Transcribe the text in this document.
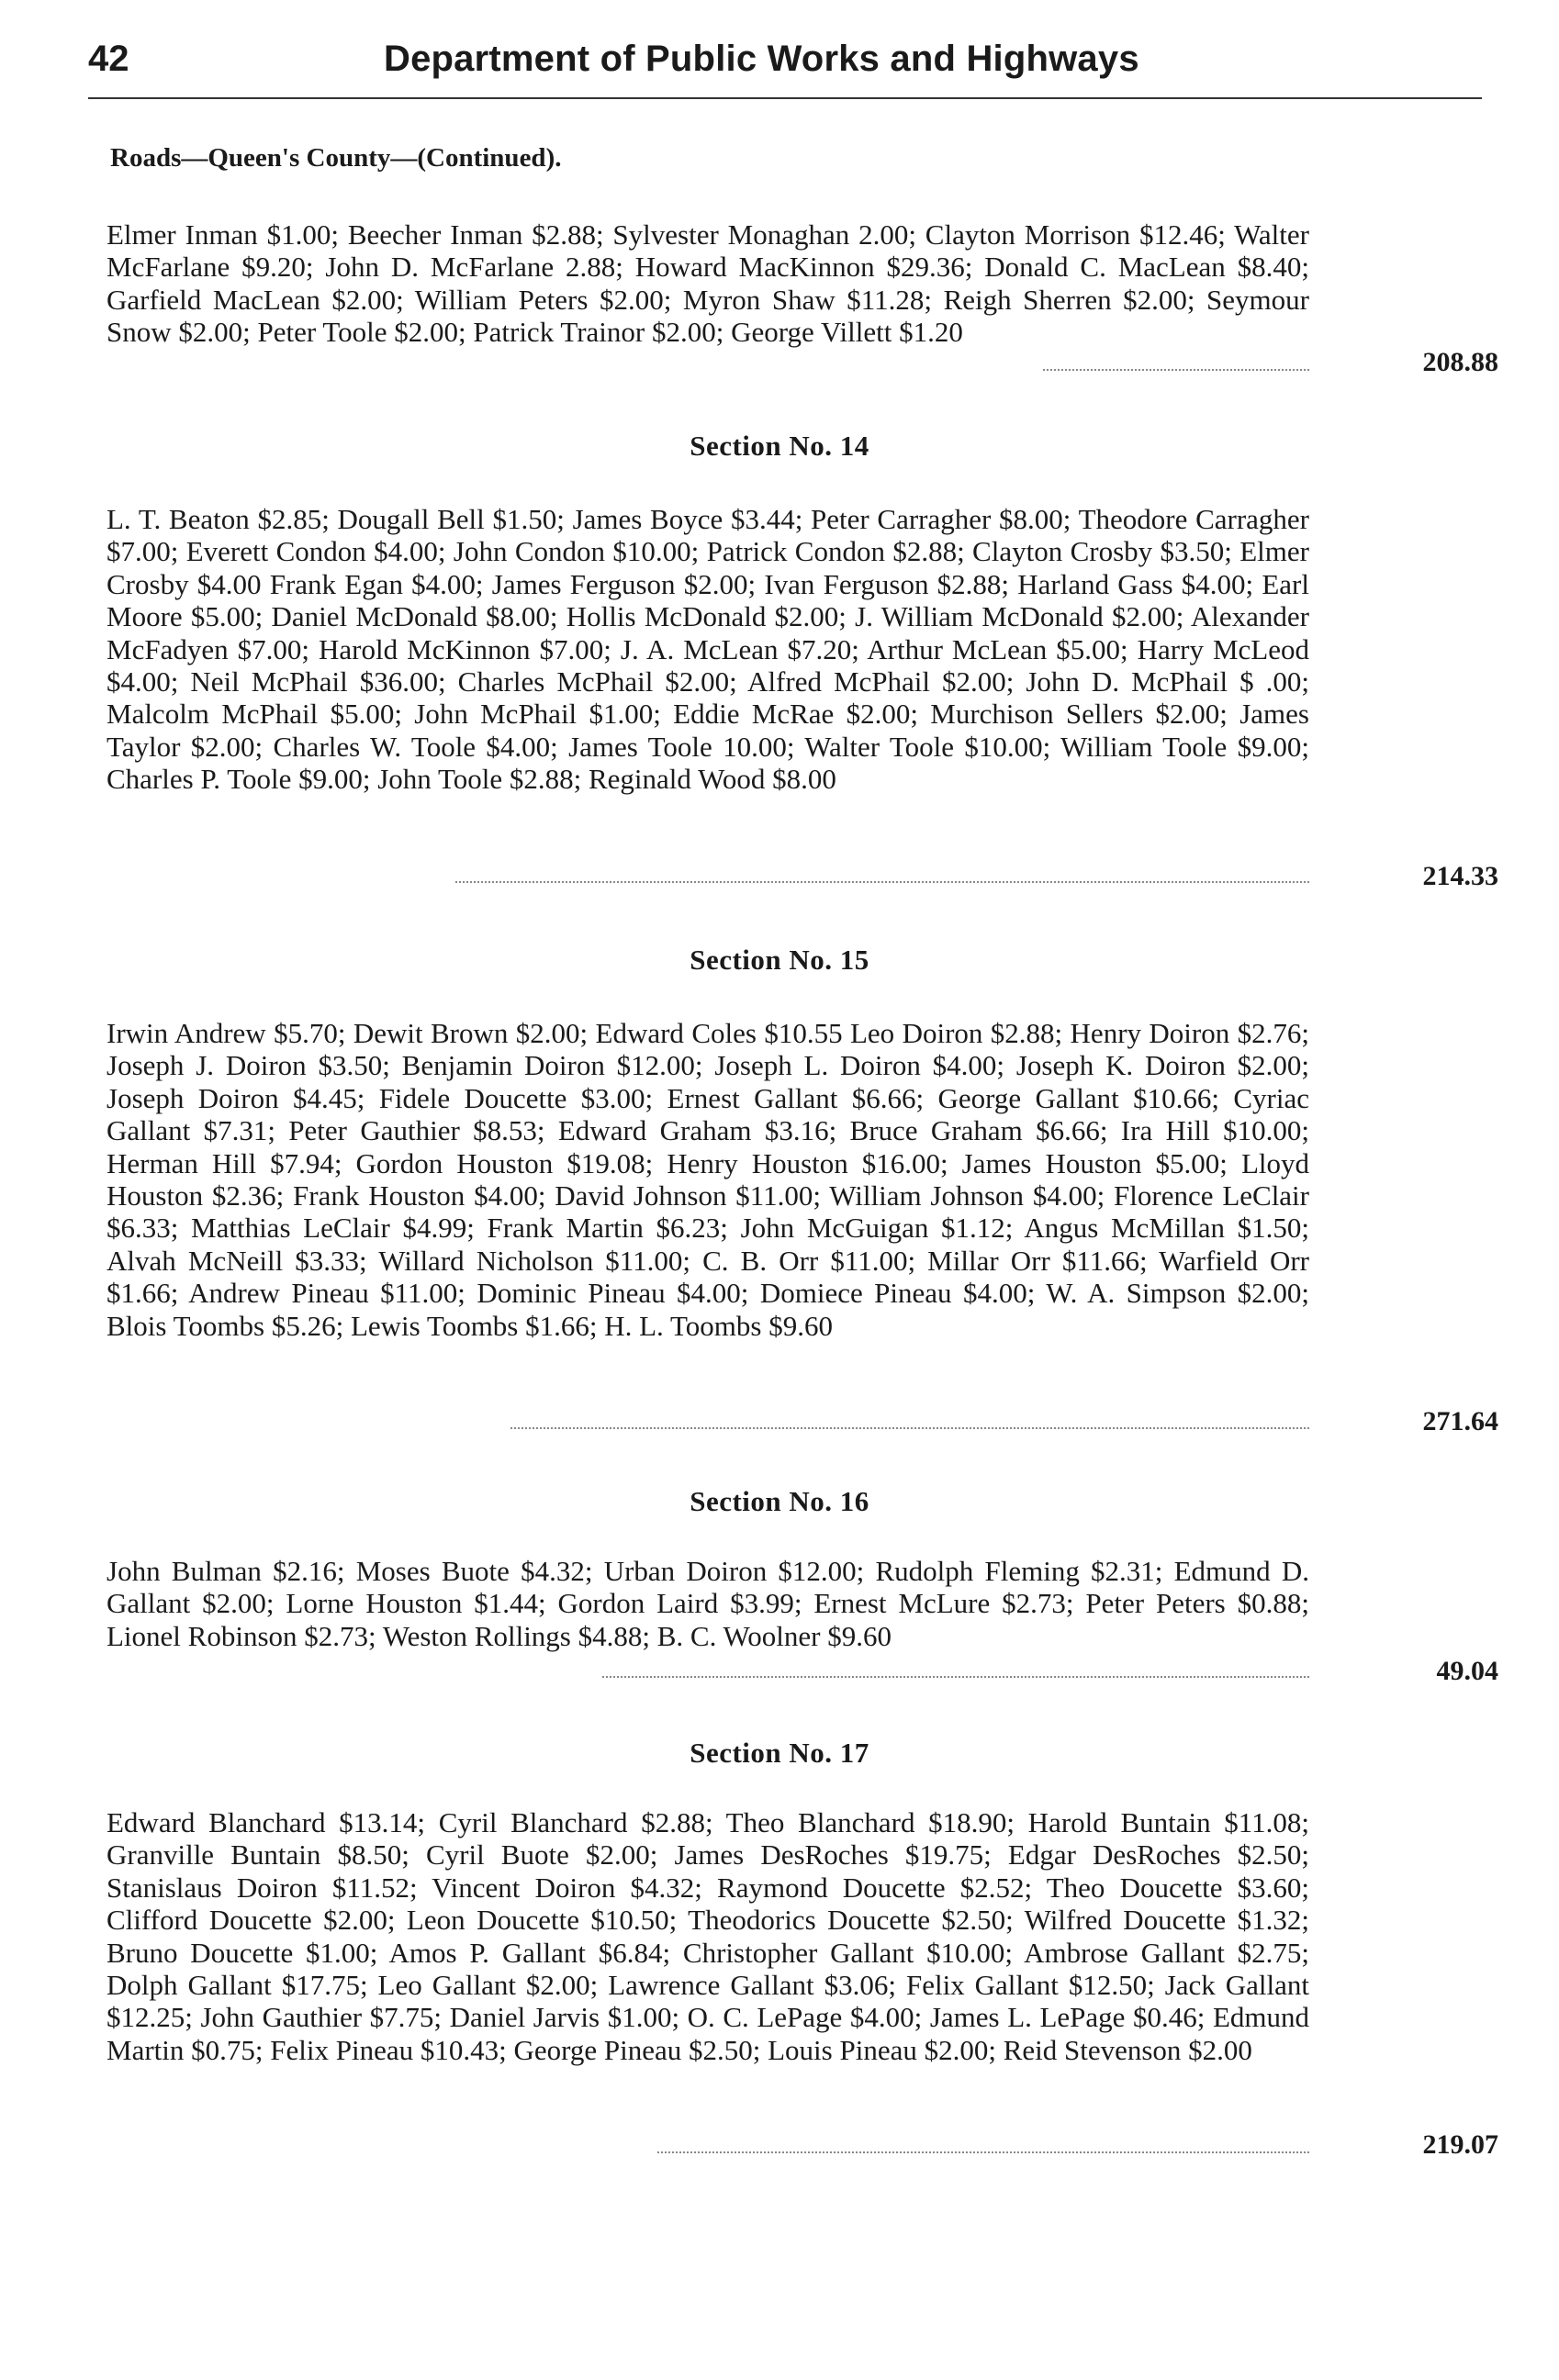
42	Department of Public Works and Highways
Roads—Queen's County—(Continued).

Elmer Inman $1.00; Beecher Inman $2.88; Sylvester Monaghan 2.00; Clayton Morrison $12.46; Walter McFarlane $9.20; John D. McFarlane 2.88; Howard MacKinnon $29.36; Donald C. MacLean $8.40; Garfield MacLean $2.00; William Peters $2.00; Myron Shaw $11.28; Reigh Sherren $2.00; Seymour Snow $2.00; Peter Toole $2.00; Patrick Trainor $2.00; George Villett $1.20

208.88
Section No. 14

L. T. Beaton $2.85; Dougall Bell $1.50; James Boyce $3.44; Peter Carragher $8.00; Theodore Carragher $7.00; Everett Condon $4.00; John Condon $10.00; Patrick Condon $2.88; Clayton Crosby $3.50; Elmer Crosby $4.00 Frank Egan $4.00; James Ferguson $2.00; Ivan Ferguson $2.88; Harland Gass $4.00; Earl Moore $5.00; Daniel McDonald $8.00; Hollis McDonald $2.00; J. William McDonald $2.00; Alexander McFadyen $7.00; Harold McKinnon $7.00; J. A. McLean $7.20; Arthur McLean $5.00; Harry McLeod $4.00; Neil McPhail $36.00; Charles McPhail $2.00; Alfred McPhail $2.00; John D. McPhail $ .00; Malcolm McPhail $5.00; John McPhail $1.00; Eddie McRae $2.00; Murchison Sellers $2.00; James Taylor $2.00; Charles W. Toole $4.00; James Toole 10.00; Walter Toole $10.00; William Toole $9.00; Charles P. Toole $9.00; John Toole $2.88; Reginald Wood $8.00

214.33
Section No. 15

Irwin Andrew $5.70; Dewit Brown $2.00; Edward Coles $10.55 Leo Doiron $2.88; Henry Doiron $2.76; Joseph J. Doiron $3.50; Benjamin Doiron $12.00; Joseph L. Doiron $4.00; Joseph K. Doiron $2.00; Joseph Doiron $4.45; Fidele Doucette $3.00; Ernest Gallant $6.66; George Gallant $10.66; Cyriac Gallant $7.31; Peter Gauthier $8.53; Edward Graham $3.16; Bruce Graham $6.66; Ira Hill $10.00; Herman Hill $7.94; Gordon Houston $19.08; Henry Houston $16.00; James Houston $5.00; Lloyd Houston $2.36; Frank Houston $4.00; David Johnson $11.00; William Johnson $4.00; Florence LeClair $6.33; Matthias LeClair $4.99; Frank Martin $6.23; John McGuigan $1.12; Angus McMillan $1.50; Alvah McNeill $3.33; Willard Nicholson $11.00; C. B. Orr $11.00; Millar Orr $11.66; Warfield Orr $1.66; Andrew Pineau $11.00; Dominic Pineau $4.00; Domiece Pineau $4.00; W. A. Simpson $2.00; Blois Toombs $5.26; Lewis Toombs $1.66; H. L. Toombs $9.60

271.64
Section No. 16

John Bulman $2.16; Moses Buote $4.32; Urban Doiron $12.00; Rudolph Fleming $2.31; Edmund D. Gallant $2.00; Lorne Houston $1.44; Gordon Laird $3.99; Ernest McLure $2.73; Peter Peters $0.88; Lionel Robinson $2.73; Weston Rollings $4.88; B. C. Woolner $9.60

49.04
Section No. 17

Edward Blanchard $13.14; Cyril Blanchard $2.88; Theo Blanchard $18.90; Harold Buntain $11.08; Granville Buntain $8.50; Cyril Buote $2.00; James DesRoches $19.75; Edgar DesRoches $2.50; Stanislaus Doiron $11.52; Vincent Doiron $4.32; Raymond Doucette $2.52; Theo Doucette $3.60; Clifford Doucette $2.00; Leon Doucette $10.50; Theodorics Doucette $2.50; Wilfred Doucette $1.32; Bruno Doucette $1.00; Amos P. Gallant $6.84; Christopher Gallant $10.00; Ambrose Gallant $2.75; Dolph Gallant $17.75; Leo Gallant $2.00; Lawrence Gallant $3.06; Felix Gallant $12.50; Jack Gallant $12.25; John Gauthier $7.75; Daniel Jarvis $1.00; O. C. LePage $4.00; James L. LePage $0.46; Edmund Martin $0.75; Felix Pineau $10.43; George Pineau $2.50; Louis Pineau $2.00; Reid Stevenson $2.00

219.07
